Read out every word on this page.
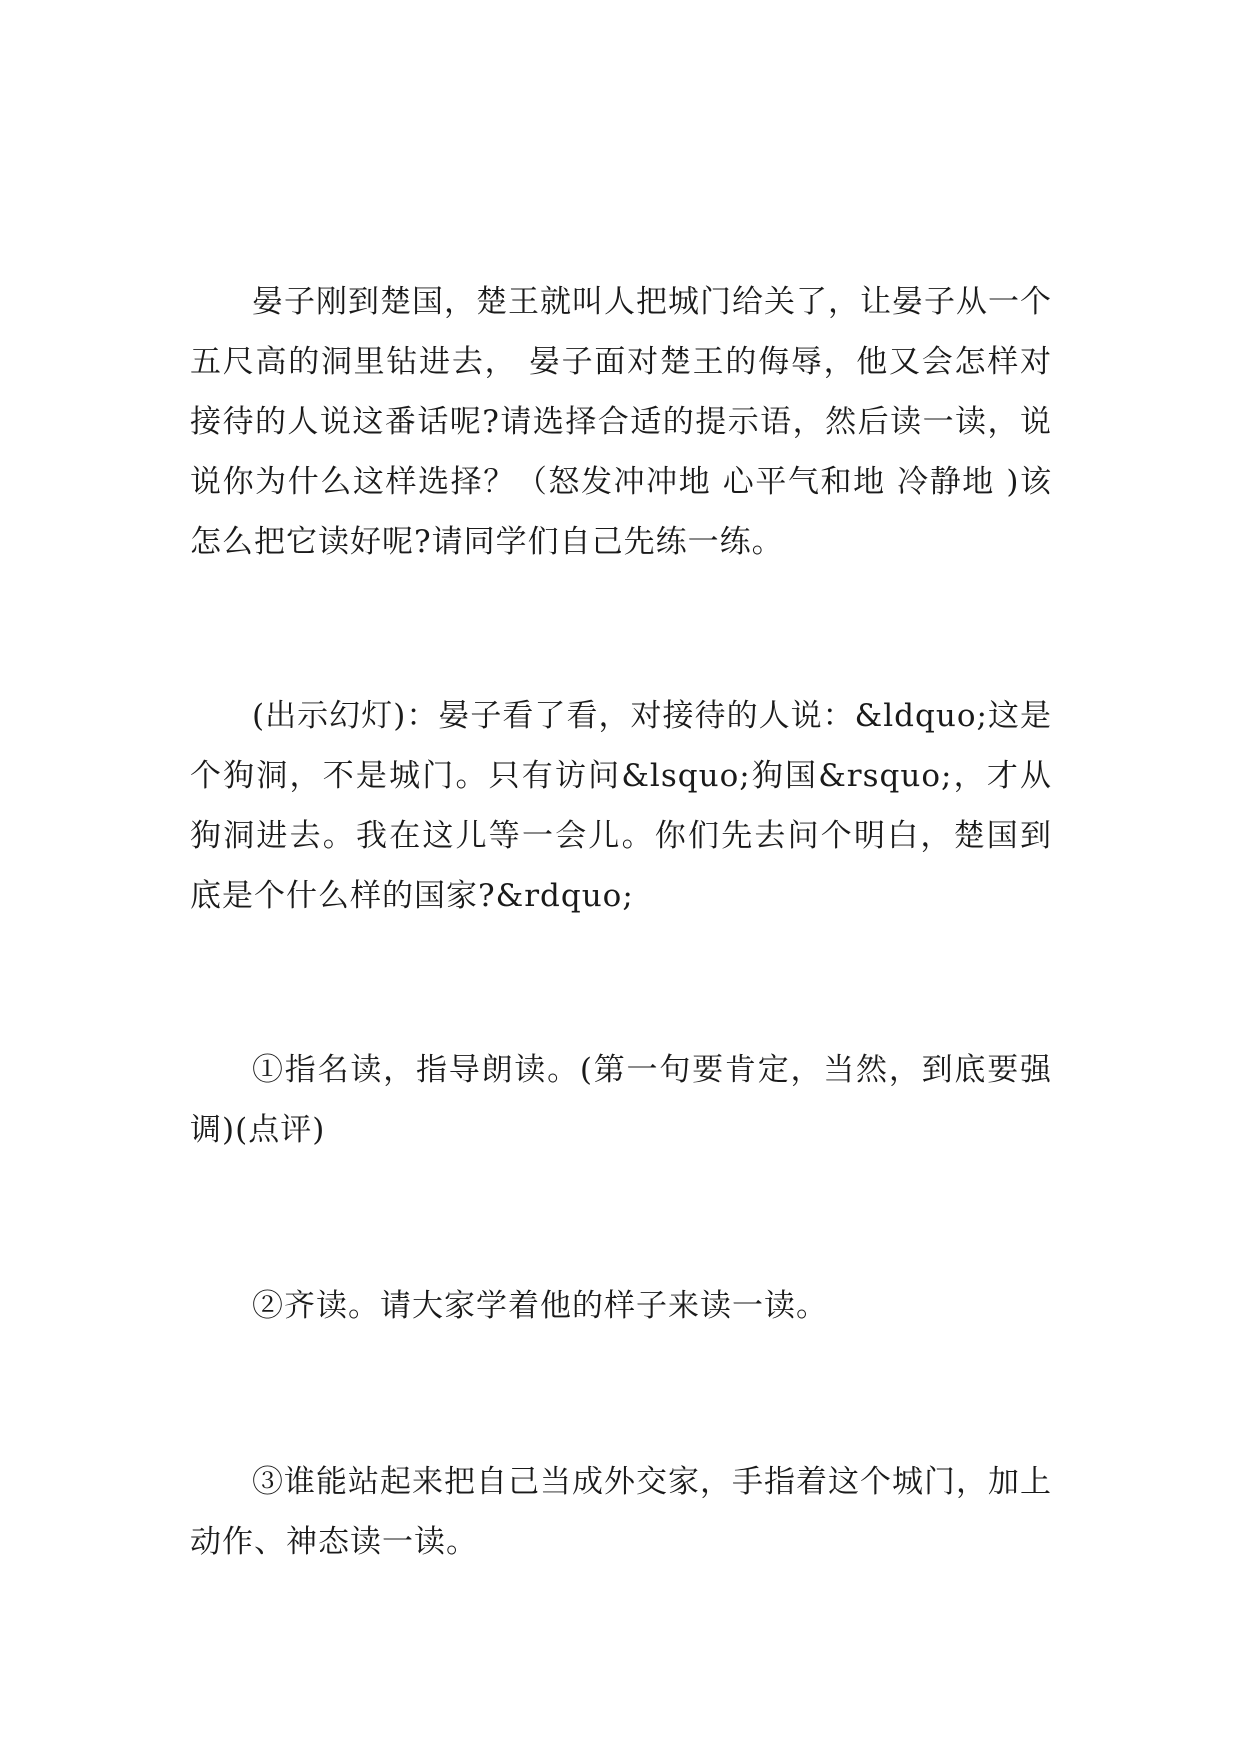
晏子刚到楚国，楚王就叫人把城门给关了，让晏子从一个五尺高的洞里钻进去， 晏子面对楚王的侮辱，他又会怎样对接待的人说这番话呢?请选择合适的提示语，然后读一读，说说你为什么这样选择？（怒发冲冲地 心平气和地 冷静地 )该怎么把它读好呢?请同学们自己先练一练。

(出示幻灯)：晏子看了看，对接待的人说：&ldquo;这是个狗洞，不是城门。只有访问&lsquo;狗国&rsquo;，才从狗洞进去。我在这儿等一会儿。你们先去问个明白，楚国到底是个什么样的国家?&rdquo;

①指名读，指导朗读。(第一句要肯定，当然，到底要强调)(点评)

②齐读。请大家学着他的样子来读一读。

③谁能站起来把自己当成外交家，手指着这个城门，加上动作、神态读一读。
